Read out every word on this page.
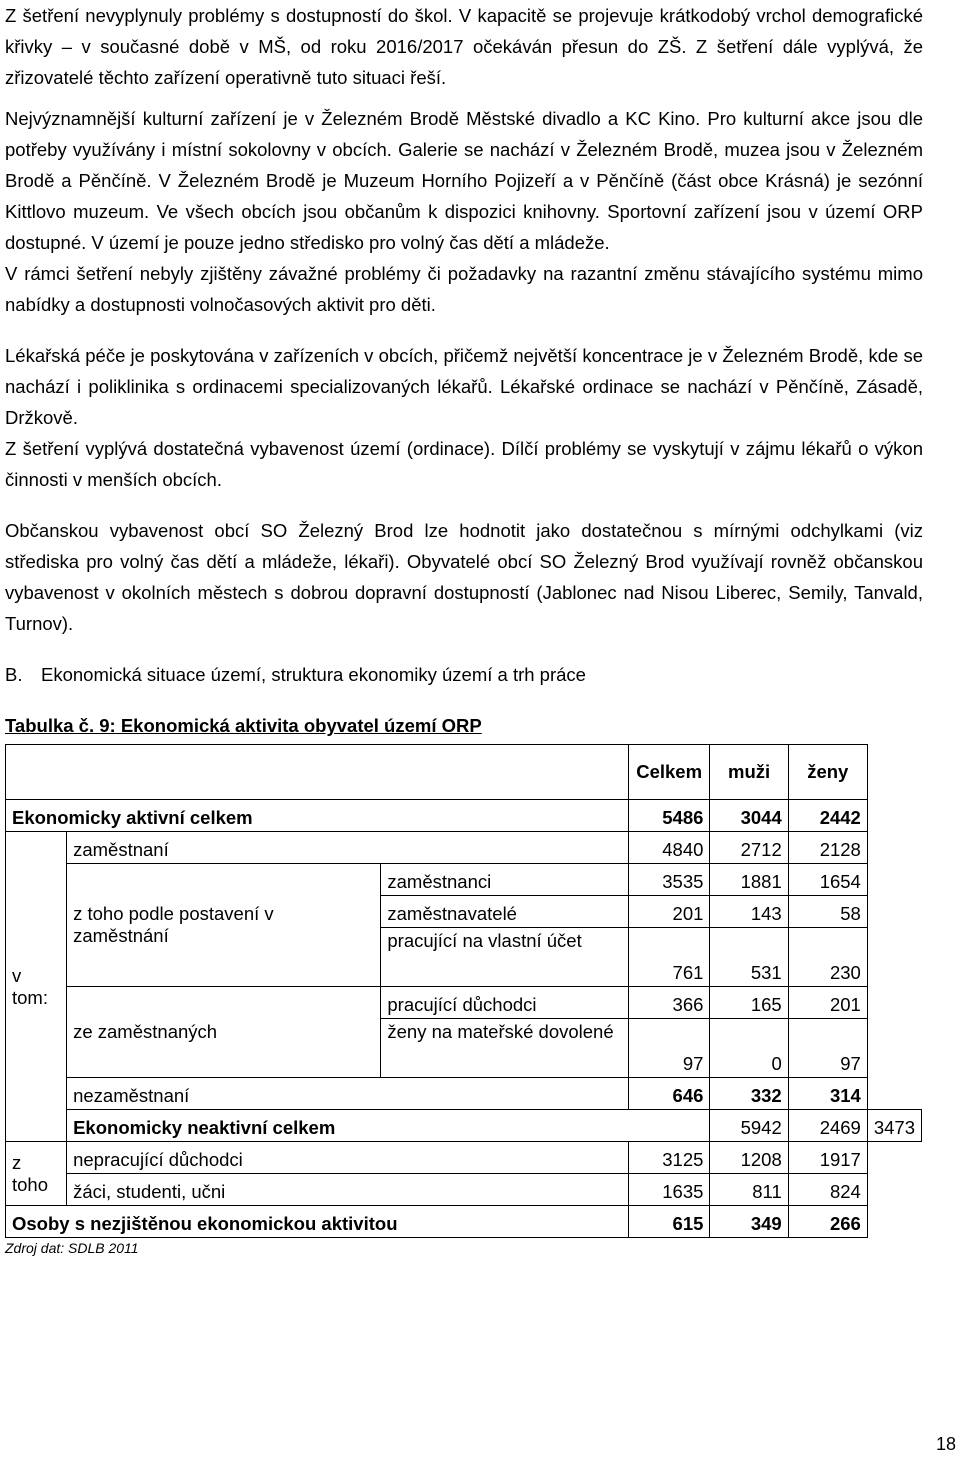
Z šetření nevyplynuly problémy s dostupností do škol. V kapacitě se projevuje krátkodobý vrchol demografické křivky – v současné době v MŠ, od roku 2016/2017 očekáván přesun do ZŠ. Z šetření dále vyplývá, že zřizovatelé těchto zařízení operativně tuto situaci řeší.

Nejvýznamnější kulturní zařízení je v Železném Brodě Městské divadlo a KC Kino. Pro kulturní akce jsou dle potřeby využívány i místní sokolovny v obcích. Galerie se nachází v Železném Brodě, muzea jsou v Železném Brodě a Pěnčíně. V Železném Brodě je Muzeum Horního Pojizeří a v Pěnčíně (část obce Krásná) je sezónní Kittlovo muzeum. Ve všech obcích jsou občanům k dispozici knihovny. Sportovní zařízení jsou v území ORP dostupné. V území je pouze jedno středisko pro volný čas dětí a mládeže.

V rámci šetření nebyly zjištěny závažné problémy či požadavky na razantní změnu stávajícího systému mimo nabídky a dostupnosti volnočasových aktivit pro děti.

Lékařská péče je poskytována v zařízeních v obcích, přičemž největší koncentrace je v Železném Brodě, kde se nachází i poliklinika s ordinacemi specializovaných lékařů. Lékařské ordinace se nachází v Pěnčíně, Zásadě, Držkově.

Z šetření vyplývá dostatečná vybavenost území (ordinace). Dílčí problémy se vyskytují v zájmu lékařů o výkon činnosti v menších obcích.

Občanskou vybavenost obcí SO Železný Brod lze hodnotit jako dostatečnou s mírnými odchylkami (viz střediska pro volný čas dětí a mládeže, lékaři). Obyvatelé obcí SO Železný Brod využívají rovněž občanskou vybavenost v okolních městech s dobrou dopravní dostupností (Jablonec nad Nisou Liberec, Semily, Tanvald, Turnov).

B. Ekonomická situace území, struktura ekonomiky území a trh práce

Tabulka č. 9: Ekonomická aktivita obyvatel území ORP

			Celkem	muži	ženy	
Ekonomicky aktivní celkem			5486	3044	2442	
v tom:	zaměstnaní		4840	2712	2128	
	z toho podle postavení v zaměstnání	zaměstnanci	3535	1881	1654	
		zaměstnavatelé	201	143	58	
		pracující na vlastní účet	761	531	230	
	ze zaměstnaných	pracující důchodci	366	165	201	
		ženy na mateřské dovolené	97	0	97	
	nezaměstnaní		646	332	314	
	Ekonomicky neaktivní celkem			5942	2469	3473
z toho	nepracující důchodci		3125	1208	1917	
	žáci, studenti, učni		1635	811	824	
Osoby s nezjištěnou ekonomickou aktivitou			615	349	266	
Zdroj dat: SDLB 2011
18
